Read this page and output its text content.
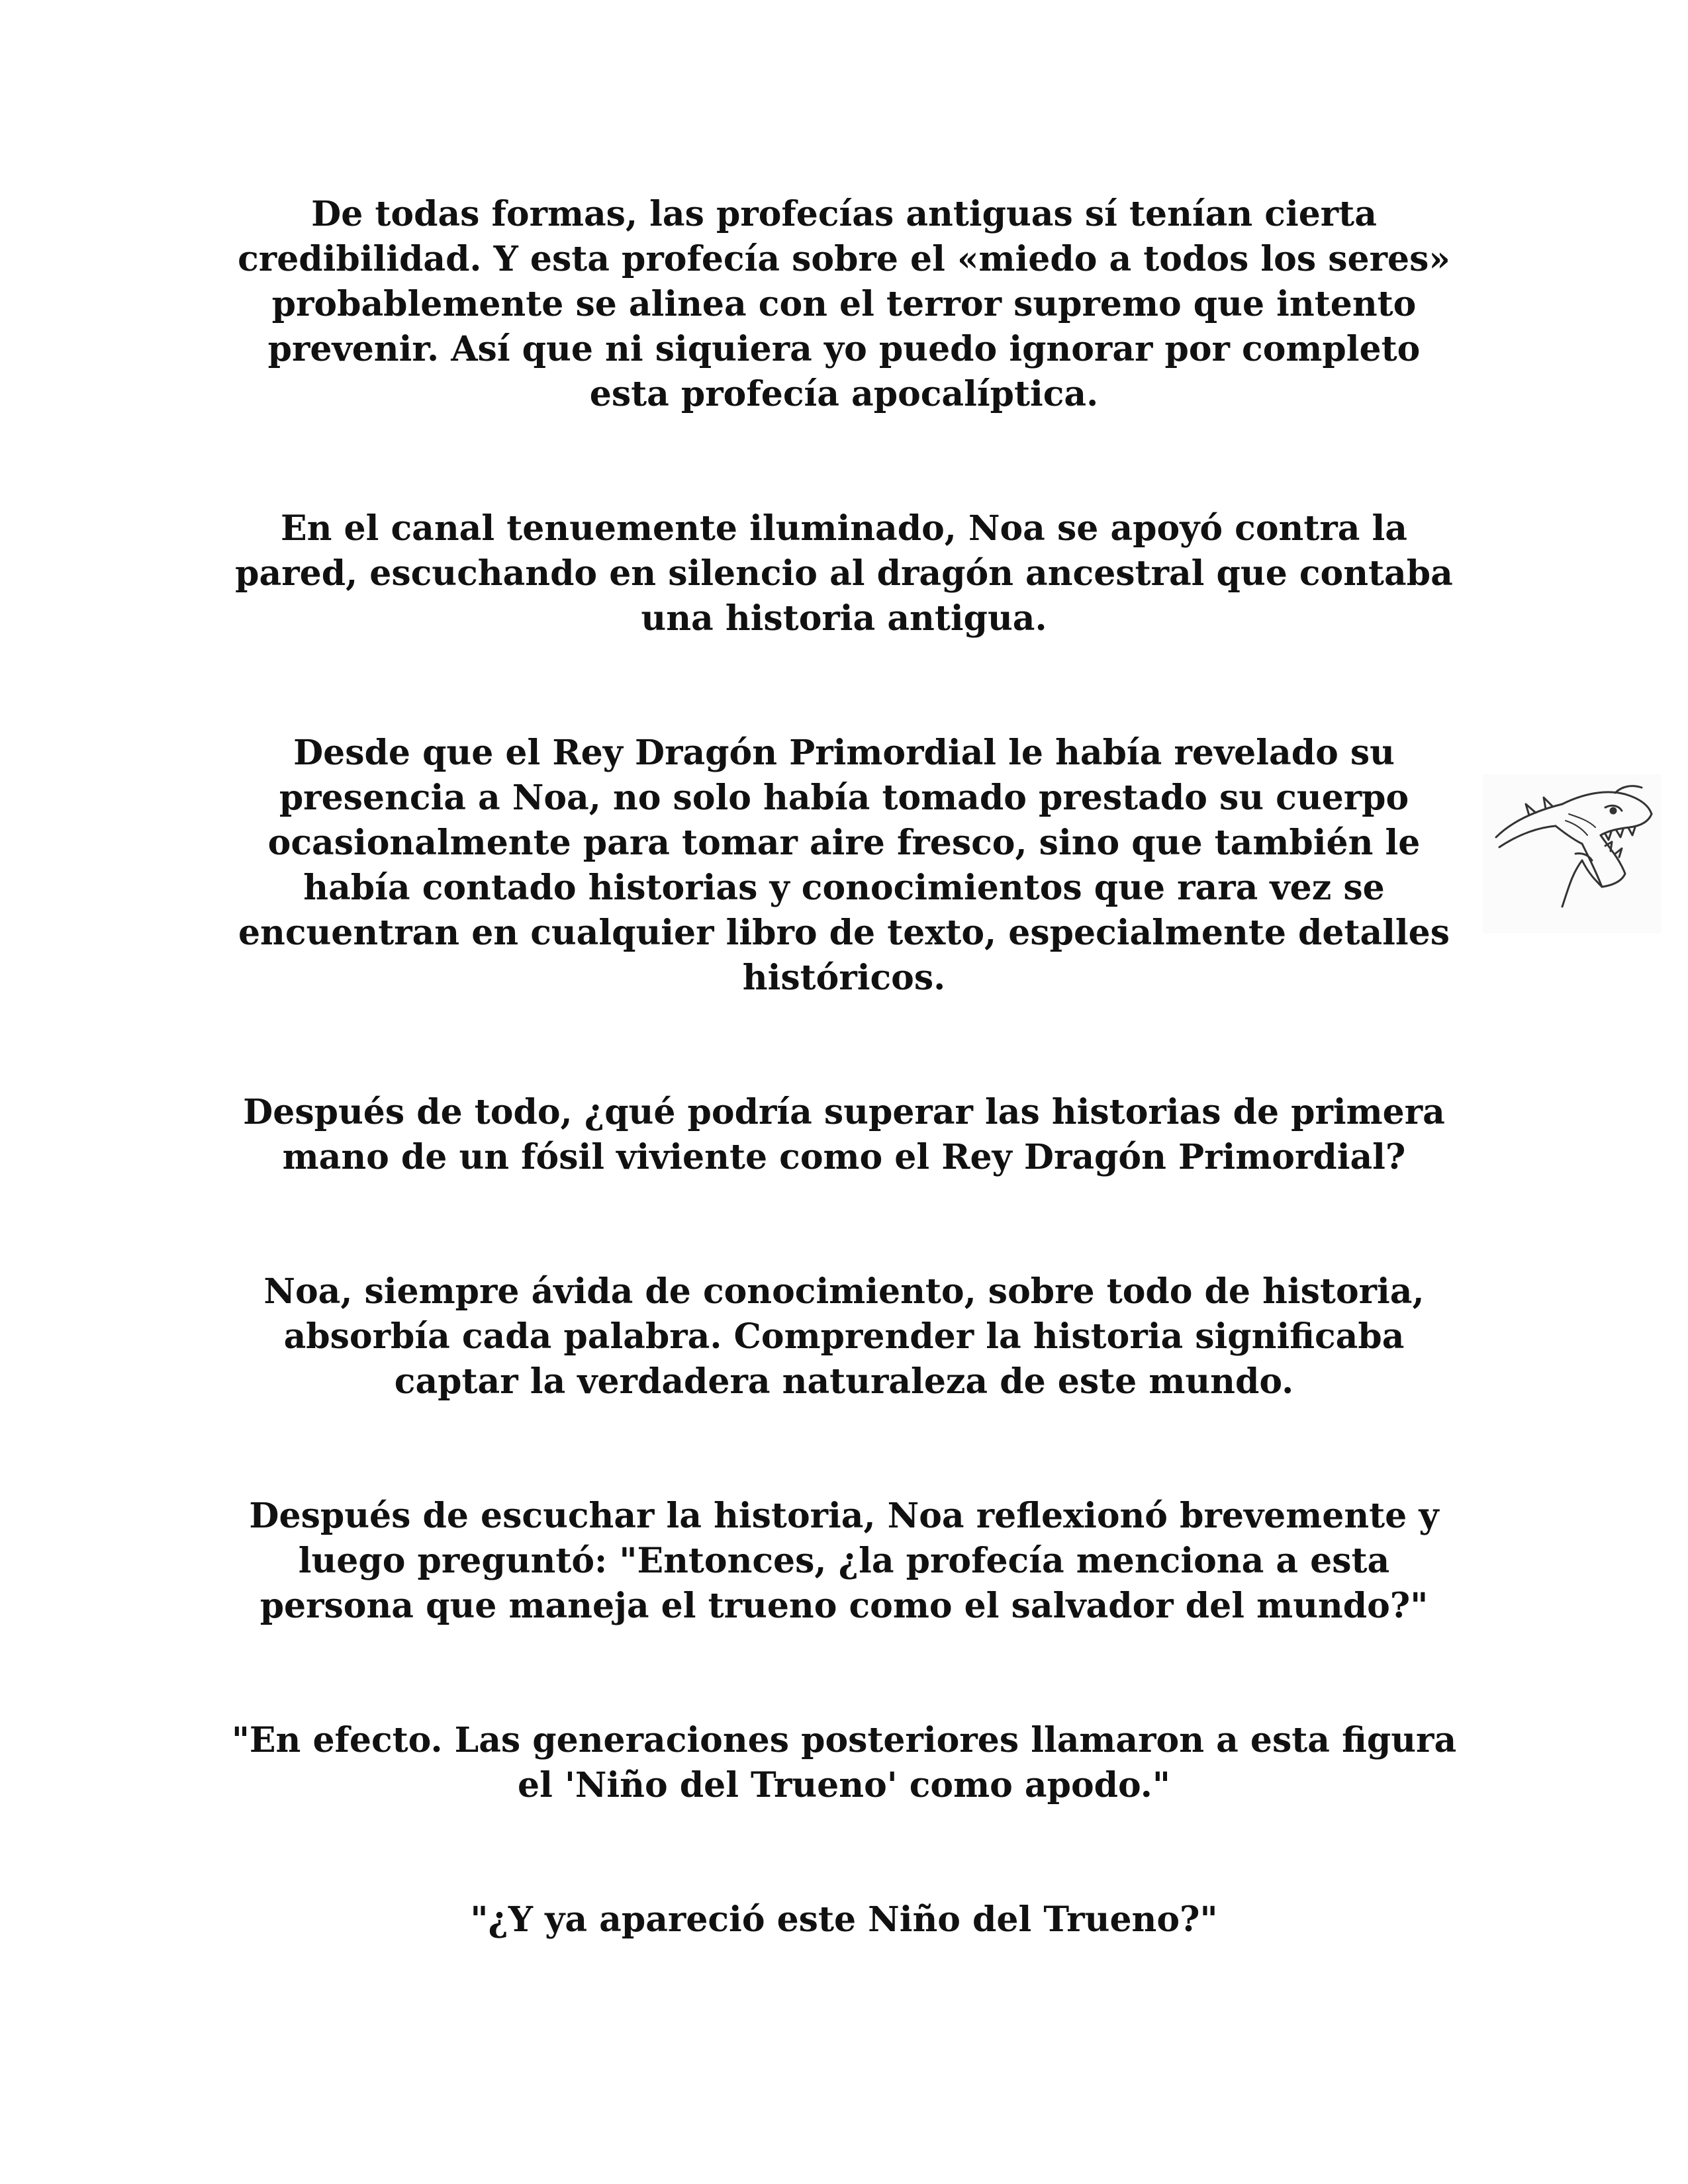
De todas formas, las profecías antiguas sí tenían cierta credibilidad. Y esta profecía sobre el «miedo a todos los seres» probablemente se alinea con el terror supremo que intento prevenir. Así que ni siquiera yo puedo ignorar por completo esta profecía apocalíptica.

En el canal tenuemente iluminado, Noa se apoyó contra la pared, escuchando en silencio al dragón ancestral que contaba una historia antigua.

Desde que el Rey Dragón Primordial le había revelado su presencia a Noa, no solo había tomado prestado su cuerpo ocasionalmente para tomar aire fresco, sino que también le había contado historias y conocimientos que rara vez se encuentran en cualquier libro de texto, especialmente detalles históricos.

Después de todo, ¿qué podría superar las historias de primera mano de un fósil viviente como el Rey Dragón Primordial?

Noa, siempre ávida de conocimiento, sobre todo de historia, absorbía cada palabra. Comprender la historia significaba captar la verdadera naturaleza de este mundo.

Después de escuchar la historia, Noa reflexionó brevemente y luego preguntó: "Entonces, ¿la profecía menciona a esta persona que maneja el trueno como el salvador del mundo?"

"En efecto. Las generaciones posteriores llamaron a esta figura el 'Niño del Trueno' como apodo."

"¿Y ya apareció este Niño del Trueno?"
